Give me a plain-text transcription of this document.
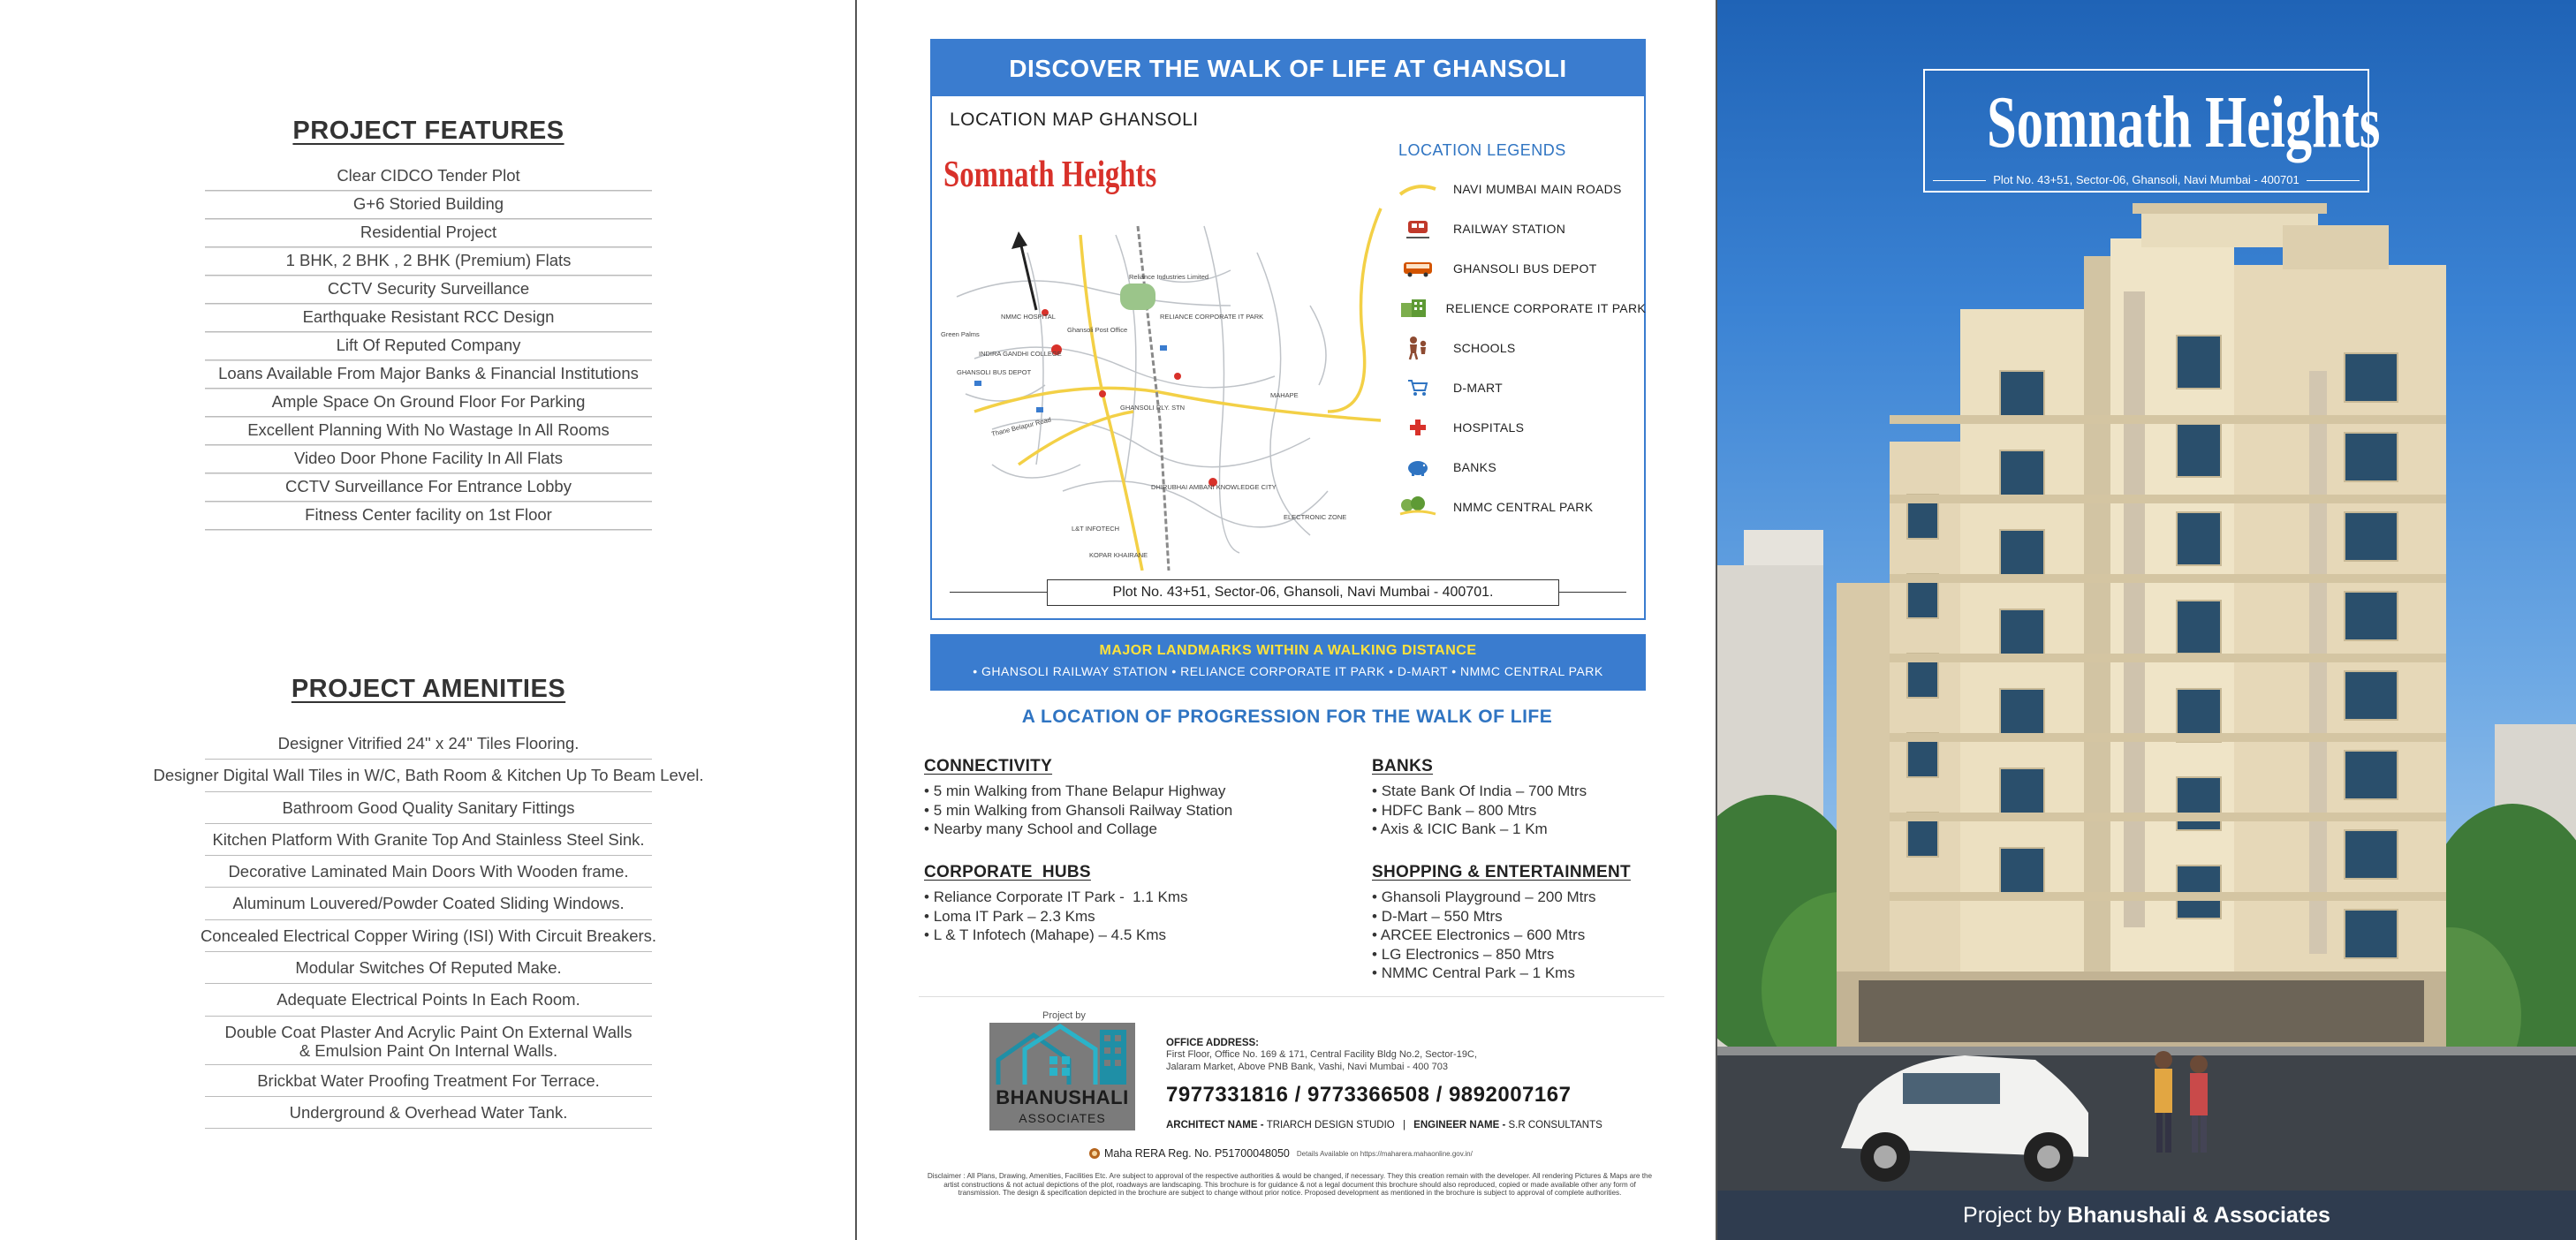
PROJECT FEATURES
Clear CIDCO Tender Plot
G+6 Storied Building
Residential Project
1 BHK, 2 BHK , 2 BHK (Premium) Flats
CCTV Security Surveillance
Earthquake Resistant RCC Design
Lift Of Reputed Company
Loans Available From Major Banks & Financial Institutions
Ample Space On Ground Floor For Parking
Excellent Planning With No Wastage In All Rooms
Video Door Phone Facility In All Flats
CCTV Surveillance For Entrance Lobby
Fitness Center facility on 1st Floor
PROJECT AMENITIES
Designer Vitrified 24'' x 24'' Tiles Flooring.
Designer Digital Wall Tiles in W/C, Bath Room & Kitchen Up To Beam Level.
Bathroom Good Quality Sanitary Fittings
Kitchen Platform With Granite Top And Stainless Steel Sink.
Decorative Laminated Main Doors With Wooden frame.
Aluminum Louvered/Powder Coated Sliding Windows.
Concealed Electrical Copper Wiring (ISI) With Circuit Breakers.
Modular Switches Of Reputed Make.
Adequate Electrical Points In Each Room.
Double Coat Plaster And Acrylic Paint On External Walls
& Emulsion Paint On Internal Walls.
Brickbat Water Proofing Treatment For Terrace.
Underground & Overhead Water Tank.
DISCOVER THE WALK OF LIFE AT GHANSOLI
LOCATION MAP GHANSOLI
Somnath Heights
NMMC HOSPITAL
Green Palms
Ghansoli Post Office
Reliance Industries Limited
RELIANCE CORPORATE IT PARK
INDIRA GANDHI COLLEGE
GHANSOLI BUS DEPOT
GHANSOLI RLY. STN
MAHAPE
ELECTRONIC ZONE
DHIRUBHAI AMBANI KNOWLEDGE CITY
KOPAR KHAIRANE
L&T INFOTECH
Thane Belapur Road
LOCATION LEGENDS
NAVI MUMBAI MAIN ROADS
RAILWAY STATION
GHANSOLI BUS DEPOT
RELIENCE CORPORATE IT PARK
SCHOOLS
D-MART
HOSPITALS
BANKS
NMMC CENTRAL PARK
Plot No. 43+51, Sector-06, Ghansoli, Navi Mumbai - 400701.
MAJOR LANDMARKS WITHIN A WALKING DISTANCE
• GHANSOLI RAILWAY STATION • RELIANCE CORPORATE IT PARK • D-MART • NMMC CENTRAL PARK
A LOCATION OF PROGRESSION FOR THE WALK OF LIFE
CONNECTIVITY
• 5 min Walking from Thane Belapur Highway
• 5 min Walking from Ghansoli Railway Station
• Nearby many School and Collage
BANKS
• State Bank Of India – 700 Mtrs
• HDFC Bank – 800 Mtrs
• Axis & ICIC Bank – 1 Km
CORPORATE  HUBS
• Reliance Corporate IT Park -  1.1 Kms
• Loma IT Park – 2.3 Kms
• L & T Infotech (Mahape) – 4.5 Kms
SHOPPING & ENTERTAINMENT
• Ghansoli Playground – 200 Mtrs
• D-Mart – 550 Mtrs
• ARCEE Electronics – 600 Mtrs
• LG Electronics – 850 Mtrs
• NMMC Central Park – 1 Kms
Project by
BHANUSHALI
ASSOCIATES
OFFICE ADDRESS:
First Floor, Office No. 169 & 171, Central Facility Bldg No.2, Sector-19C,
Jalaram Market, Above PNB Bank, Vashi, Navi Mumbai - 400 703
7977331816 / 9773366508 / 9892007167
ARCHITECT NAME - TRIARCH DESIGN STUDIO | ENGINEER NAME - S.R CONSULTANTS
Maha RERA Reg. No. P51700048050 Details Available on https://maharera.mahaonline.gov.in/
Disclaimer : All Plans, Drawing, Amenities, Facilities Etc. Are subject to approval of the respective authorities & would be changed, if necessary. They this creation remain with the developer. All rendering Pictures & Maps are the artist constructions & not actual depictions of the plot, roadways are landscaping. This brochure is for guidance & not a legal document this brochure should also reproduced, copied or made available other any form of transmission. The design & specification depicted in the brochure are subject to change without prior notice. Proposed development as mentioned in the brochure is subject to approval of complete authorities.
Somnath Heights
Plot No. 43+51, Sector-06, Ghansoli, Navi Mumbai - 400701
Project by Bhanushali & Associates
